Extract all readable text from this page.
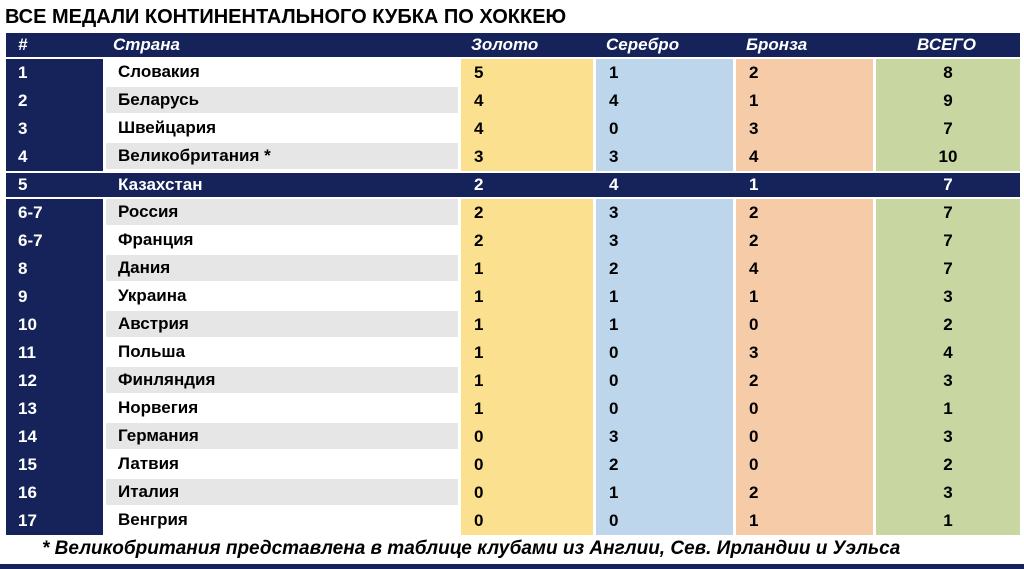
ВСЕ МЕДАЛИ КОНТИНЕНТАЛЬНОГО КУБКА ПО ХОККЕЮ
#	Страна	Золото	Серебро	Бронза	ВСЕГО
1	Словакия	5	1	2	8
2	Беларусь	4	4	1	9
3	Швейцария	4	0	3	7
4	Великобритания *	3	3	4	10
5	Казахстан	2	4	1	7
6-7	Россия	2	3	2	7
6-7	Франция	2	3	2	7
8	Дания	1	2	4	7
9	Украина	1	1	1	3
10	Австрия	1	1	0	2
11	Польша	1	0	3	4
12	Финляндия	1	0	2	3
13	Норвегия	1	0	0	1
14	Германия	0	3	0	3
15	Латвия	0	2	0	2
16	Италия	0	1	2	3
17	Венгрия	0	0	1	1
* Великобритания представлена в таблице клубами из Англии, Сев. Ирландии и Уэльса
